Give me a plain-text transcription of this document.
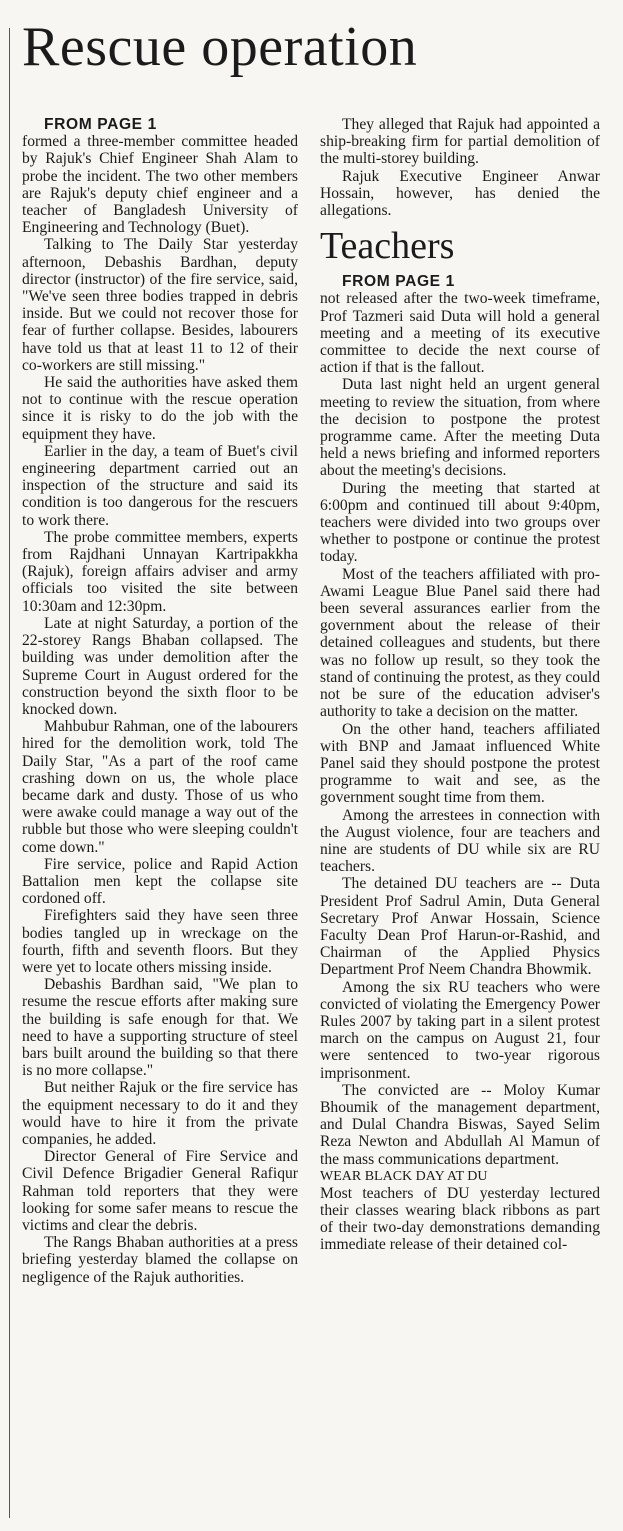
Rescue operation

FROM PAGE 1

formed a three-member committee headed by Rajuk's Chief Engineer Shah Alam to probe the incident. The two other members are Rajuk's deputy chief engineer and a teacher of Bangladesh University of Engineering and Technology (Buet).

Talking to The Daily Star yesterday afternoon, Debashis Bardhan, deputy director (instructor) of the fire service, said, "We've seen three bodies trapped in debris inside. But we could not recover those for fear of further collapse. Besides, labourers have told us that at least 11 to 12 of their co-workers are still missing."

He said the authorities have asked them not to continue with the rescue operation since it is risky to do the job with the equipment they have.

Earlier in the day, a team of Buet's civil engineering department carried out an inspection of the structure and said its condition is too dangerous for the rescuers to work there.

The probe committee members, experts from Rajdhani Unnayan Kartripakkha (Rajuk), foreign affairs adviser and army officials too visited the site between 10:30am and 12:30pm.

Late at night Saturday, a portion of the 22-storey Rangs Bhaban collapsed. The building was under demolition after the Supreme Court in August ordered for the construction beyond the sixth floor to be knocked down.

Mahbubur Rahman, one of the labourers hired for the demolition work, told The Daily Star, "As a part of the roof came crashing down on us, the whole place became dark and dusty. Those of us who were awake could manage a way out of the rubble but those who were sleeping couldn't come down."

Fire service, police and Rapid Action Battalion men kept the collapse site cordoned off.

Firefighters said they have seen three bodies tangled up in wreckage on the fourth, fifth and seventh floors. But they were yet to locate others missing inside.

Debashis Bardhan said, "We plan to resume the rescue efforts after making sure the building is safe enough for that. We need to have a supporting structure of steel bars built around the building so that there is no more collapse."

But neither Rajuk or the fire service has the equipment necessary to do it and they would have to hire it from the private companies, he added.

Director General of Fire Service and Civil Defence Brigadier General Rafiqur Rahman told reporters that they were looking for some safer means to rescue the victims and clear the debris.

The Rangs Bhaban authorities at a press briefing yesterday blamed the collapse on negligence of the Rajuk authorities.

They alleged that Rajuk had appointed a ship-breaking firm for partial demolition of the multi-storey building.

Rajuk Executive Engineer Anwar Hossain, however, has denied the allegations.

Teachers

FROM PAGE 1

not released after the two-week timeframe, Prof Tazmeri said Duta will hold a general meeting and a meeting of its executive committee to decide the next course of action if that is the fallout.

Duta last night held an urgent general meeting to review the situation, from where the decision to postpone the protest programme came. After the meeting Duta held a news briefing and informed reporters about the meeting's decisions.

During the meeting that started at 6:00pm and continued till about 9:40pm, teachers were divided into two groups over whether to postpone or continue the protest today.

Most of the teachers affiliated with pro-Awami League Blue Panel said there had been several assurances earlier from the government about the release of their detained colleagues and students, but there was no follow up result, so they took the stand of continuing the protest, as they could not be sure of the education adviser's authority to take a decision on the matter.

On the other hand, teachers affiliated with BNP and Jamaat influenced White Panel said they should postpone the protest programme to wait and see, as the government sought time from them.

Among the arrestees in connection with the August violence, four are teachers and nine are students of DU while six are RU teachers.

The detained DU teachers are -- Duta President Prof Sadrul Amin, Duta General Secretary Prof Anwar Hossain, Science Faculty Dean Prof Harun-or-Rashid, and Chairman of the Applied Physics Department Prof Neem Chandra Bhowmik.

Among the six RU teachers who were convicted of violating the Emergency Power Rules 2007 by taking part in a silent protest march on the campus on August 21, four were sentenced to two-year rigorous imprisonment.

The convicted are -- Moloy Kumar Bhoumik of the management department, and Dulal Chandra Biswas, Sayed Selim Reza Newton and Abdullah Al Mamun of the mass communications department.

WEAR BLACK DAY AT DU

Most teachers of DU yesterday lectured their classes wearing black ribbons as part of their two-day demonstrations demanding immediate release of their detained col-
